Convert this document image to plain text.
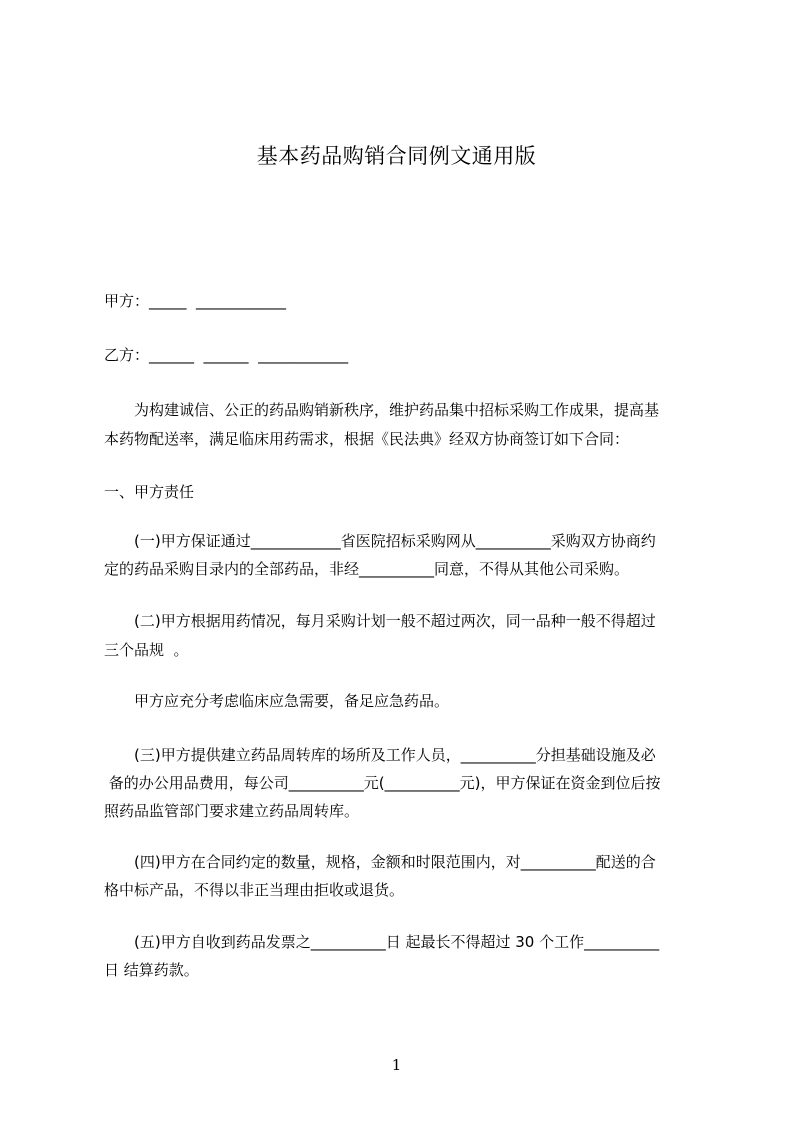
基本药品购销合同例文通用版
甲方：_____  ____________
乙方：______  ______  ____________
为构建诚信、公正的药品购销新秩序，维护药品集中招标采购工作成果，提高基
本药物配送率，满足临床用药需求，根据《民法典》经双方协商签订如下合同：
一、甲方责任
(一)甲方保证通过____________省医院招标采购网从__________采购双方协商约
定的药品采购目录内的全部药品，非经__________同意，不得从其他公司采购。
(二)甲方根据用药情况，每月采购计划一般不超过两次，同一品种一般不得超过
三个品规  。
甲方应充分考虑临床应急需要，备足应急药品。
(三)甲方提供建立药品周转库的场所及工作人员，__________分担基础设施及必
备的办公用品费用，每公司__________元(__________元)，甲方保证在资金到位后按
照药品监管部门要求建立药品周转库。
(四)甲方在合同约定的数量，规格，金额和时限范围内，对__________配送的合
格中标产品，不得以非正当理由拒收或退货。
(五)甲方自收到药品发票之__________日 起最长不得超过 30 个工作__________
日 结算药款。
1
